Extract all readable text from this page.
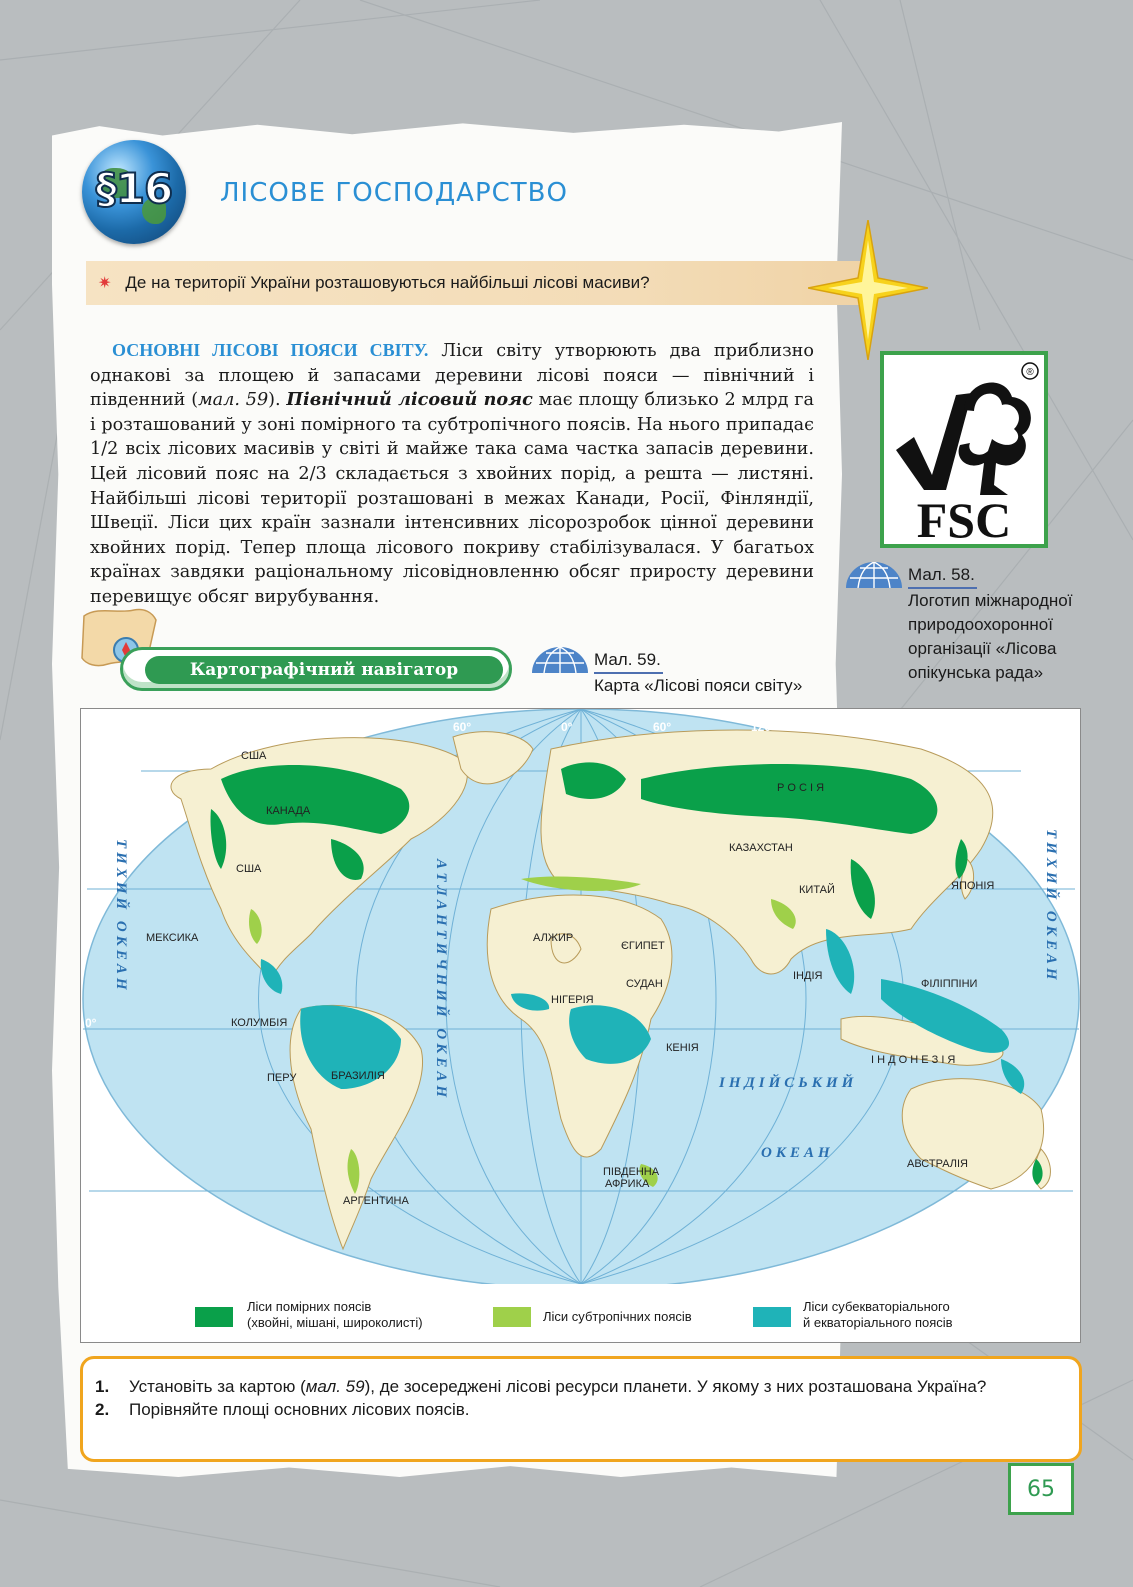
§16	ЛІСОВЕ ГОСПОДАРСТВО
✷ Де на території України розташовуються найбільші лісові масиви?
ОСНОВНІ ЛІСОВІ ПОЯСИ СВІТУ. Ліси світу утворюють два приблизно однакові за площею й запасами деревини лісові пояси — північний і південний (мал. 59). Північний лісовий пояс має площу близько 2 млрд га і розташований у зоні помірного та субтропічного поясів. На нього припадає 1/2 всіх лісових масивів у світі й майже така сама частка запасів деревини. Цей лісовий пояс на 2/3 складається з хвойних порід, а решта — листяні. Найбільші лісові території розташовані в межах Канади, Росії, Фінляндії, Швеції. Ліси цих країн зазнали інтенсивних лісорозробок цінної деревини хвойних порід. Тепер площа лісового покриву стабілізувалася. У багатьох країнах завдяки раціональному лісовідновленню обсяг приросту деревини перевищує обсяг вирубування.
FSC
®
Мал. 58.
Логотип міжнародної природоохоронної організації «Лісова опікунська рада»
Картографічний навігатор
Мал. 59.
Карта «Лісові пояси світу»
120°	60°	0°	60°	120°	180°
60°
30°
0°
30°
США
КАНАДА
США
МЕКСИКА
КОЛУМБІЯ
ПЕРУ	БРАЗИЛІЯ
АРГЕНТИНА
АЛЖИР
ЄГИПЕТ
НІГЕРІЯ
СУДАН
КЕНІЯ
ПІВДЕННА
АФРИКА
КАЗАХСТАН
Р О С І Я
КИТАЙ	ЯПОНІЯ
ІНДІЯ
ФІЛІППІНИ
І Н Д О Н Е З І Я
АВСТРАЛІЯ
ТИХИЙ ОКЕАН	АТЛАНТИЧНИЙ ОКЕАН	ІНДІЙСЬКИЙ
ОКЕАН
ТИХИЙ ОКЕАН
Ліси помірних поясів
(хвойні, мішані, широколисті)	Ліси субтропічних поясів
Ліси субекваторіального
й екваторіального поясів
1.	Установіть за картою (мал. 59), де зосереджені лісові ресурси планети. У якому з них розташована Україна?
2.	Порівняйте площі основних лісових поясів.
65
